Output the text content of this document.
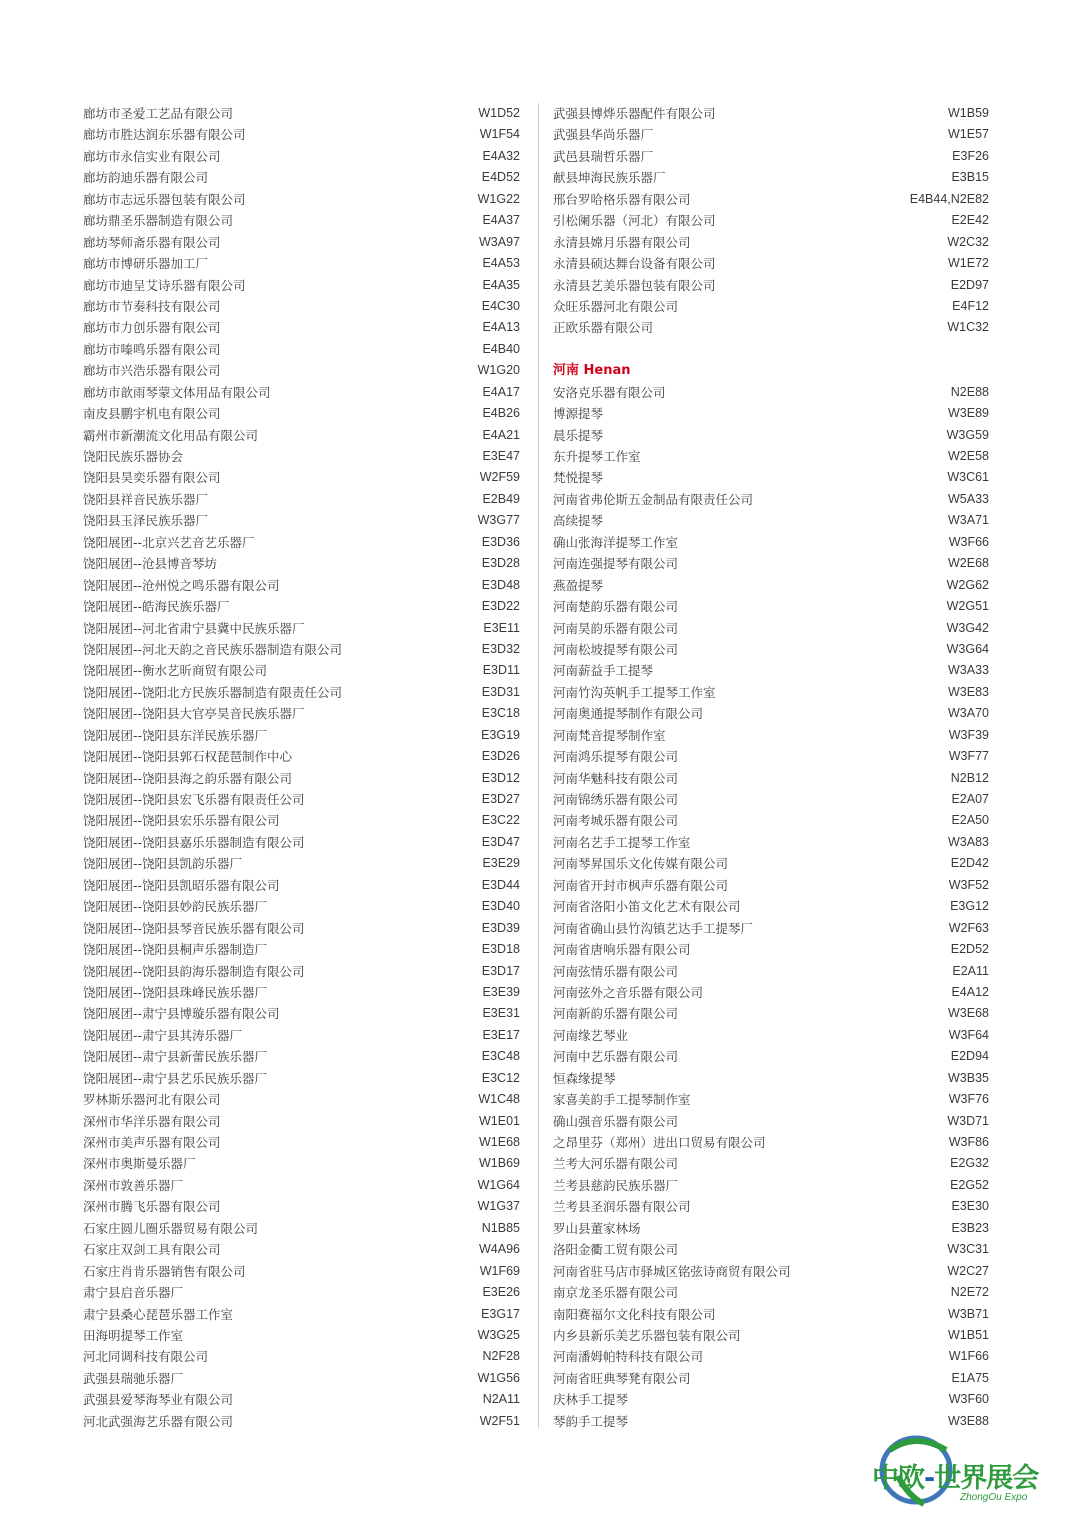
廊坊市圣爱工艺品有限公司	W1D52
廊坊市胜达润东乐器有限公司	W1F54
廊坊市永信实业有限公司	E4A32
廊坊韵迪乐器有限公司	E4D52
廊坊市志远乐器包装有限公司	W1G22
廊坊鼎圣乐器制造有限公司	E4A37
廊坊琴师斋乐器有限公司	W3A97
廊坊市博研乐器加工厂	E4A53
廊坊市迪呈艾诗乐器有限公司	E4A35
廊坊市节奏科技有限公司	E4C30
廊坊市力创乐器有限公司	E4A13
廊坊市嗪鸣乐器有限公司	E4B40
廊坊市兴浩乐器有限公司	W1G20
廊坊市歆雨琴蒙文体用品有限公司	E4A17
南皮县鹏宇机电有限公司	E4B26
霸州市新潮流文化用品有限公司	E4A21
饶阳民族乐器协会	E3E47
饶阳县昊奕乐器有限公司	W2F59
饶阳县祥音民族乐器厂	E2B49
饶阳县玉泽民族乐器厂	W3G77
饶阳展团--北京兴艺音艺乐器厂	E3D36
饶阳展团--沧县博音琴坊	E3D28
饶阳展团--沧州悦之鸣乐器有限公司	E3D48
饶阳展团--皓海民族乐器厂	E3D22
饶阳展团--河北省肃宁县冀中民族乐器厂	E3E11
饶阳展团--河北天韵之音民族乐器制造有限公司	E3D32
饶阳展团--衡水艺昕商贸有限公司	E3D11
饶阳展团--饶阳北方民族乐器制造有限责任公司	E3D31
饶阳展团--饶阳县大官亭昊音民族乐器厂	E3C18
饶阳展团--饶阳县东洋民族乐器厂	E3G19
饶阳展团--饶阳县郭石权琵琶制作中心	E3D26
饶阳展团--饶阳县海之韵乐器有限公司	E3D12
饶阳展团--饶阳县宏飞乐器有限责任公司	E3D27
饶阳展团--饶阳县宏乐乐器有限公司	E3C22
饶阳展团--饶阳县嘉乐乐器制造有限公司	E3D47
饶阳展团--饶阳县凯韵乐器厂	E3E29
饶阳展团--饶阳县凯昭乐器有限公司	E3D44
饶阳展团--饶阳县妙韵民族乐器厂	E3D40
饶阳展团--饶阳县琴音民族乐器有限公司	E3D39
饶阳展团--饶阳县桐声乐器制造厂	E3D18
饶阳展团--饶阳县韵海乐器制造有限公司	E3D17
饶阳展团--饶阳县珠峰民族乐器厂	E3E39
饶阳展团--肃宁县博璇乐器有限公司	E3E31
饶阳展团--肃宁县其涛乐器厂	E3E17
饶阳展团--肃宁县新蕾民族乐器厂	E3C48
饶阳展团--肃宁县艺乐民族乐器厂	E3C12
罗林斯乐器河北有限公司	W1C48
深州市华洋乐器有限公司	W1E01
深州市美声乐器有限公司	W1E68
深州市奥斯曼乐器厂	W1B69
深州市敦善乐器厂	W1G64
深州市腾飞乐器有限公司	W1G37
石家庄圆儿圈乐器贸易有限公司	N1B85
石家庄双剑工具有限公司	W4A96
石家庄肖肯乐器销售有限公司	W1F69
肃宁县启音乐器厂	E3E26
肃宁县桑心琵琶乐器工作室	E3G17
田海明提琴工作室	W3G25
河北同调科技有限公司	N2F28
武强县瑞驰乐器厂	W1G56
武强县爱琴海琴业有限公司	N2A11
河北武强海艺乐器有限公司	W2F51
武强县博烨乐器配件有限公司	W1B59
武强县华尚乐器厂	W1E57
武邑县瑞哲乐器厂	E3F26
献县坤海民族乐器厂	E3B15
邢台罗哈格乐器有限公司	E4B44,N2E82
引松阑乐器（河北）有限公司	E2E42
永清县嫦月乐器有限公司	W2C32
永清县硕达舞台设备有限公司	W1E72
永清县艺美乐器包装有限公司	E2D97
众旺乐器河北有限公司	E4F12
正欧乐器有限公司	W1C32
河南 Henan
安洛克乐器有限公司	N2E88
博源提琴	W3E89
晨乐提琴	W3G59
东升提琴工作室	W2E58
梵悦提琴	W3C61
河南省弗伦斯五金制品有限责任公司	W5A33
高续提琴	W3A71
确山张海洋提琴工作室	W3F66
河南连强提琴有限公司	W2E68
燕盈提琴	W2G62
河南楚韵乐器有限公司	W2G51
河南昊韵乐器有限公司	W3G42
河南松坡提琴有限公司	W3G64
河南薪益手工提琴	W3A33
河南竹沟英帆手工提琴工作室	W3E83
河南奥通提琴制作有限公司	W3A70
河南梵音提琴制作室	W3F39
河南鸿乐提琴有限公司	W3F77
河南华魅科技有限公司	N2B12
河南锦绣乐器有限公司	E2A07
河南考城乐器有限公司	E2A50
河南名艺手工提琴工作室	W3A83
河南琴昇国乐文化传媒有限公司	E2D42
河南省开封市枫声乐器有限公司	W3F52
河南省洛阳小笛文化艺术有限公司	E3G12
河南省确山县竹沟镇艺达手工提琴厂	W2F63
河南省唐响乐器有限公司	E2D52
河南弦情乐器有限公司	E2A11
河南弦外之音乐器有限公司	E4A12
河南新韵乐器有限公司	W3E68
河南缘艺琴业	W3F64
河南中艺乐器有限公司	E2D94
恒森缘提琴	W3B35
家喜美韵手工提琴制作室	W3F76
确山强音乐器有限公司	W3D71
之昂里芬（郑州）进出口贸易有限公司	W3F86
兰考大河乐器有限公司	E2G32
兰考县慈韵民族乐器厂	E2G52
兰考县圣润乐器有限公司	E3E30
罗山县董家林场	E3B23
洛阳金衢工贸有限公司	W3C31
河南省驻马店市驿城区铭弦诗商贸有限公司	W2C27
南京龙圣乐器有限公司	N2E72
南阳赛福尔文化科技有限公司	W3B71
内乡县新乐美艺乐器包装有限公司	W1B51
河南潘姆帕特科技有限公司	W1F66
河南省旺典琴凳有限公司	E1A75
庆林手工提琴	W3F60
琴韵手工提琴	W3E88
中欧-世界展会
ZhongOu Expo
